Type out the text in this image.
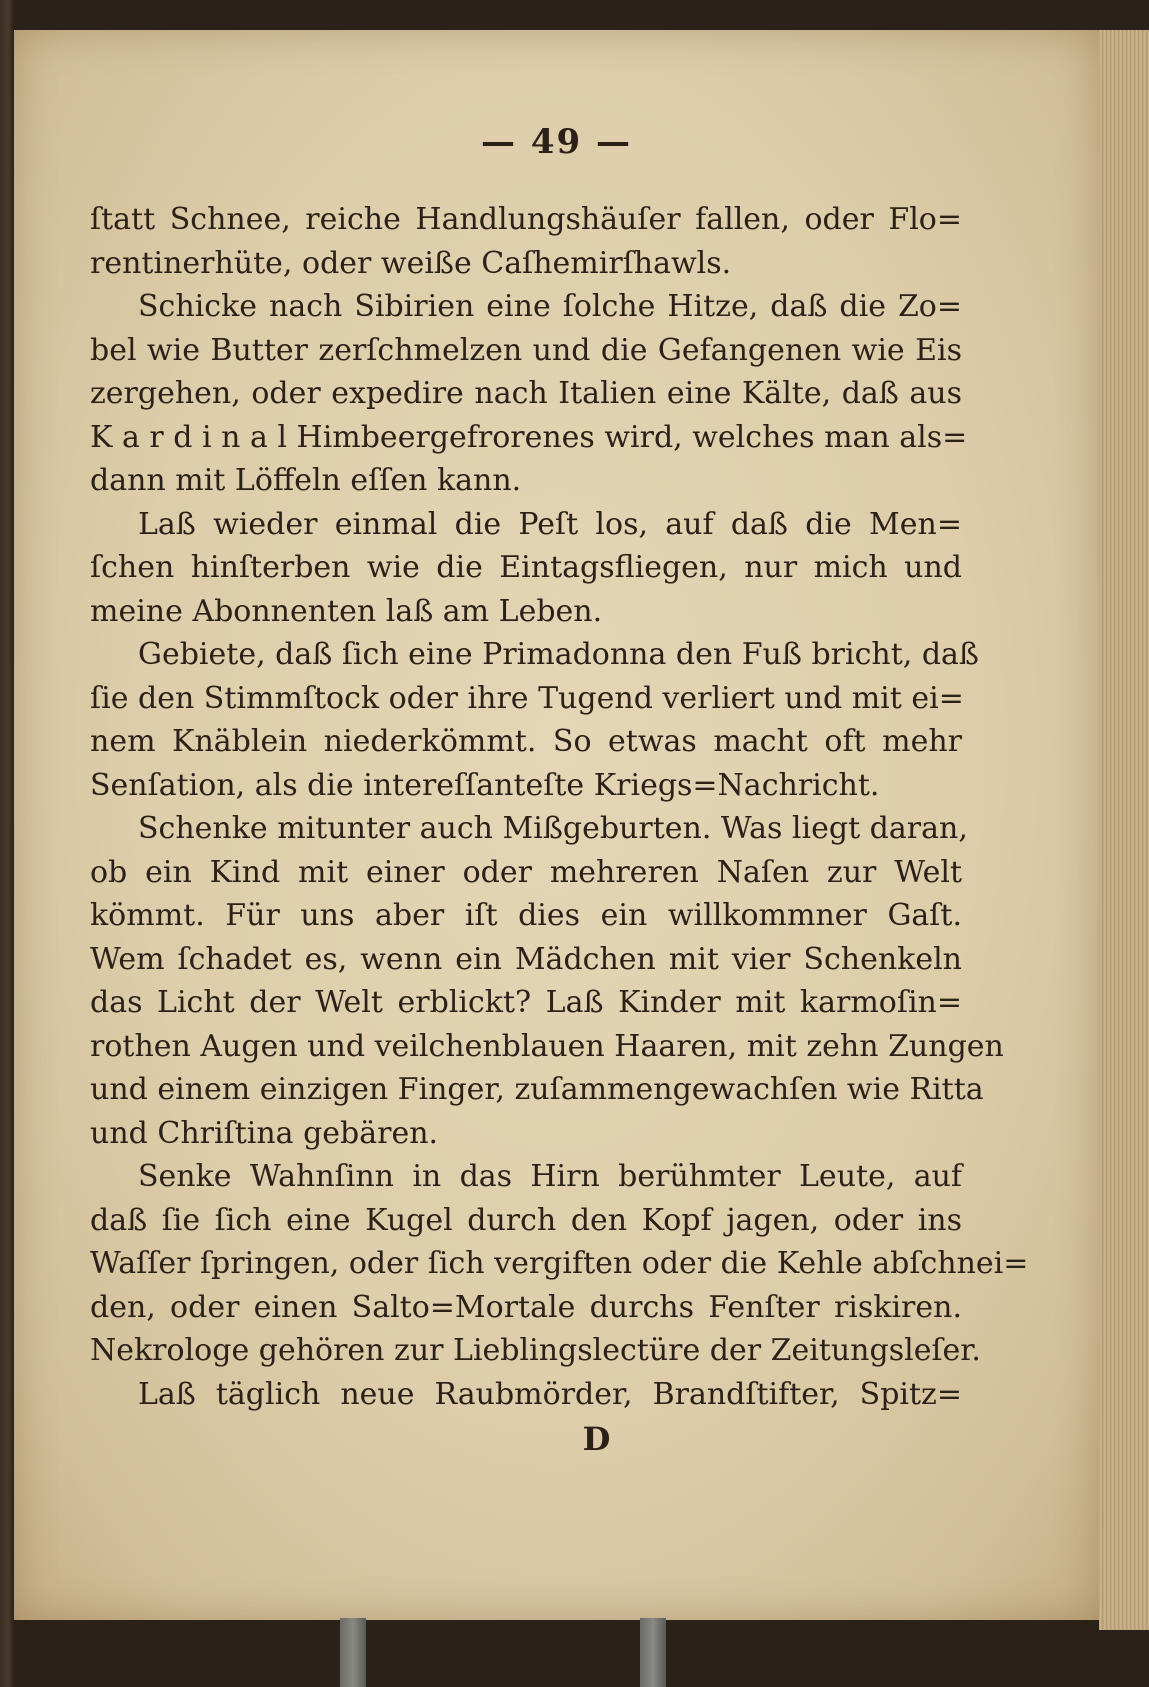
— 49 —
ſtatt Schnee, reiche Handlungshäuſer fallen, oder Flo=
rentinerhüte, oder weiße Caſhemirſhawls.
Schicke nach Sibirien eine ſolche Hitze, daß die Zo=
bel wie Butter zerſchmelzen und die Gefangenen wie Eis
zergehen, oder expedire nach Italien eine Kälte, daß aus
K a r d i n a l Himbeergefrorenes wird, welches man als=
dann mit Löffeln eſſen kann.
Laß wieder einmal die Peſt los, auf daß die Men=
ſchen hinſterben wie die Eintagsfliegen, nur mich und
meine Abonnenten laß am Leben.
Gebiete, daß ſich eine Primadonna den Fuß bricht, daß
ſie den Stimmſtock oder ihre Tugend verliert und mit ei=
nem Knäblein niederkömmt. So etwas macht oft mehr
Senſation, als die intereſſanteſte Kriegs=Nachricht.
Schenke mitunter auch Mißgeburten. Was liegt daran,
ob ein Kind mit einer oder mehreren Naſen zur Welt
kömmt. Für uns aber iſt dies ein willkommner Gaſt.
Wem ſchadet es, wenn ein Mädchen mit vier Schenkeln
das Licht der Welt erblickt? Laß Kinder mit karmoſin=
rothen Augen und veilchenblauen Haaren, mit zehn Zungen
und einem einzigen Finger, zuſammengewachſen wie Ritta
und Chriſtina gebären.
Senke Wahnſinn in das Hirn berühmter Leute, auf
daß ſie ſich eine Kugel durch den Kopf jagen, oder ins
Waſſer ſpringen, oder ſich vergiften oder die Kehle abſchnei=
den, oder einen Salto=Mortale durchs Fenſter riskiren.
Nekrologe gehören zur Lieblingslectüre der Zeitungsleſer.
Laß täglich neue Raubmörder, Brandſtifter, Spitz=
D
